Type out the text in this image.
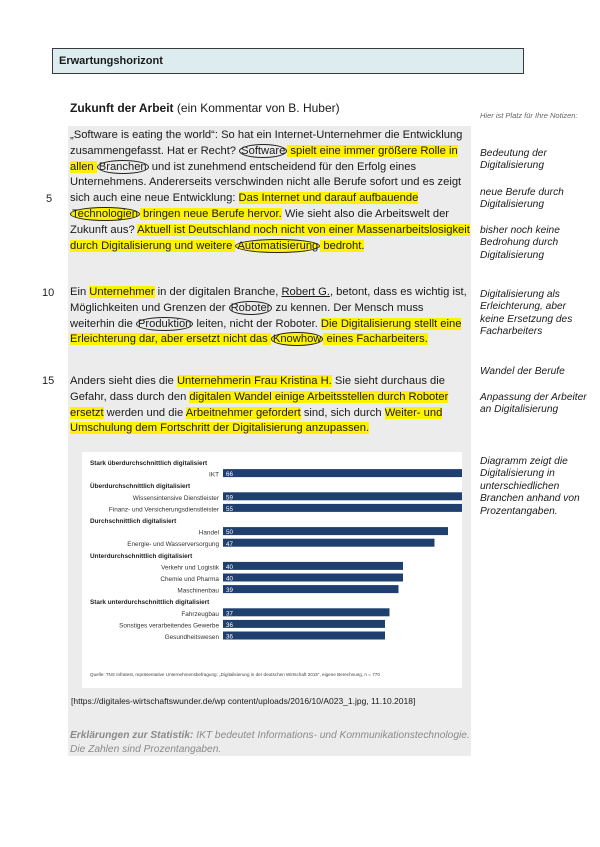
Erwartungshorizont
Zukunft der Arbeit (ein Kommentar von B. Huber)
5
10
15

„Software is eating the world“: So hat ein Internet-Unternehmer die Entwicklung zusammengefasst. Hat er Recht? Software spielt eine immer größere Rolle in allen Branchen und ist zunehmend entscheidend für den Erfolg eines Unternehmens. Andererseits verschwinden nicht alle Berufe sofort und es zeigt sich auch eine neue Entwicklung: Das Internet und darauf aufbauende Technologien bringen neue Berufe hervor. Wie sieht also die Arbeitswelt der Zukunft aus? Aktuell ist Deutschland noch nicht von einer Massenarbeitslosigkeit durch Digitalisierung und weitere Automatisierung bedroht.

Ein Unternehmer in der digitalen Branche, Robert G., betont, dass es wichtig ist, Möglichkeiten und Grenzen der Roboter zu kennen. Der Mensch muss weiterhin die Produktion leiten, nicht der Roboter. Die Digitalisierung stellt eine Erleichterung dar, aber ersetzt nicht das Knowhow eines Facharbeiters.

Anders sieht dies die Unternehmerin Frau Kristina H. Sie sieht durchaus die Gefahr, dass durch den digitalen Wandel einige Arbeitsstellen durch Roboter ersetzt werden und die Arbeitnehmer gefordert sind, sich durch Weiter- und Umschulung dem Fortschritt der Digitalisierung anzupassen.

Hier ist Platz für Ihre Notizen:
Bedeutung der Digitalisierung
neue Berufe durch Digitalisierung
bisher noch keine Bedrohung durch Digitalisierung
Digitalisierung als Erleichterung, aber keine Ersetzung des Facharbeiters
Wandel der Berufe
Anpassung der Arbeiter an Digitalisierung
Diagramm zeigt die Digitalisierung in unterschiedlichen Branchen anhand von Prozentangaben.
Stark überdurchschnittlich digitalisiert
IKT 66
Überdurchschnittlich digitalisiert
Wissensintensive Dienstleister 59
Finanz- und Versicherungsdienstleister 55
Durchschnittlich digitalisiert
Handel 50
Energie- und Wasserversorgung 47
Unterdurchschnittlich digitalisiert
Verkehr und Logistik 40
Chemie und Pharma 40
Maschinenbau 39
Stark unterdurchschnittlich digitalisiert
Fahrzeugbau 37
Sonstiges verarbeitendes Gewerbe 36
Gesundheitswesen 36
Quelle: TNS Infratest, repräsentative Unternehmensbefragung: „Digitalisierung in der deutschen Wirtschaft 2015“, eigene Berechnung, n = 770
[https://digitales-wirtschaftswunder.de/wp content/uploads/2016/10/A023_1.jpg, 11.10.2018]
Erklärungen zur Statistik: IKT bedeutet Informations- und Kommunikationstechnologie. Die Zahlen sind Prozentangaben.
